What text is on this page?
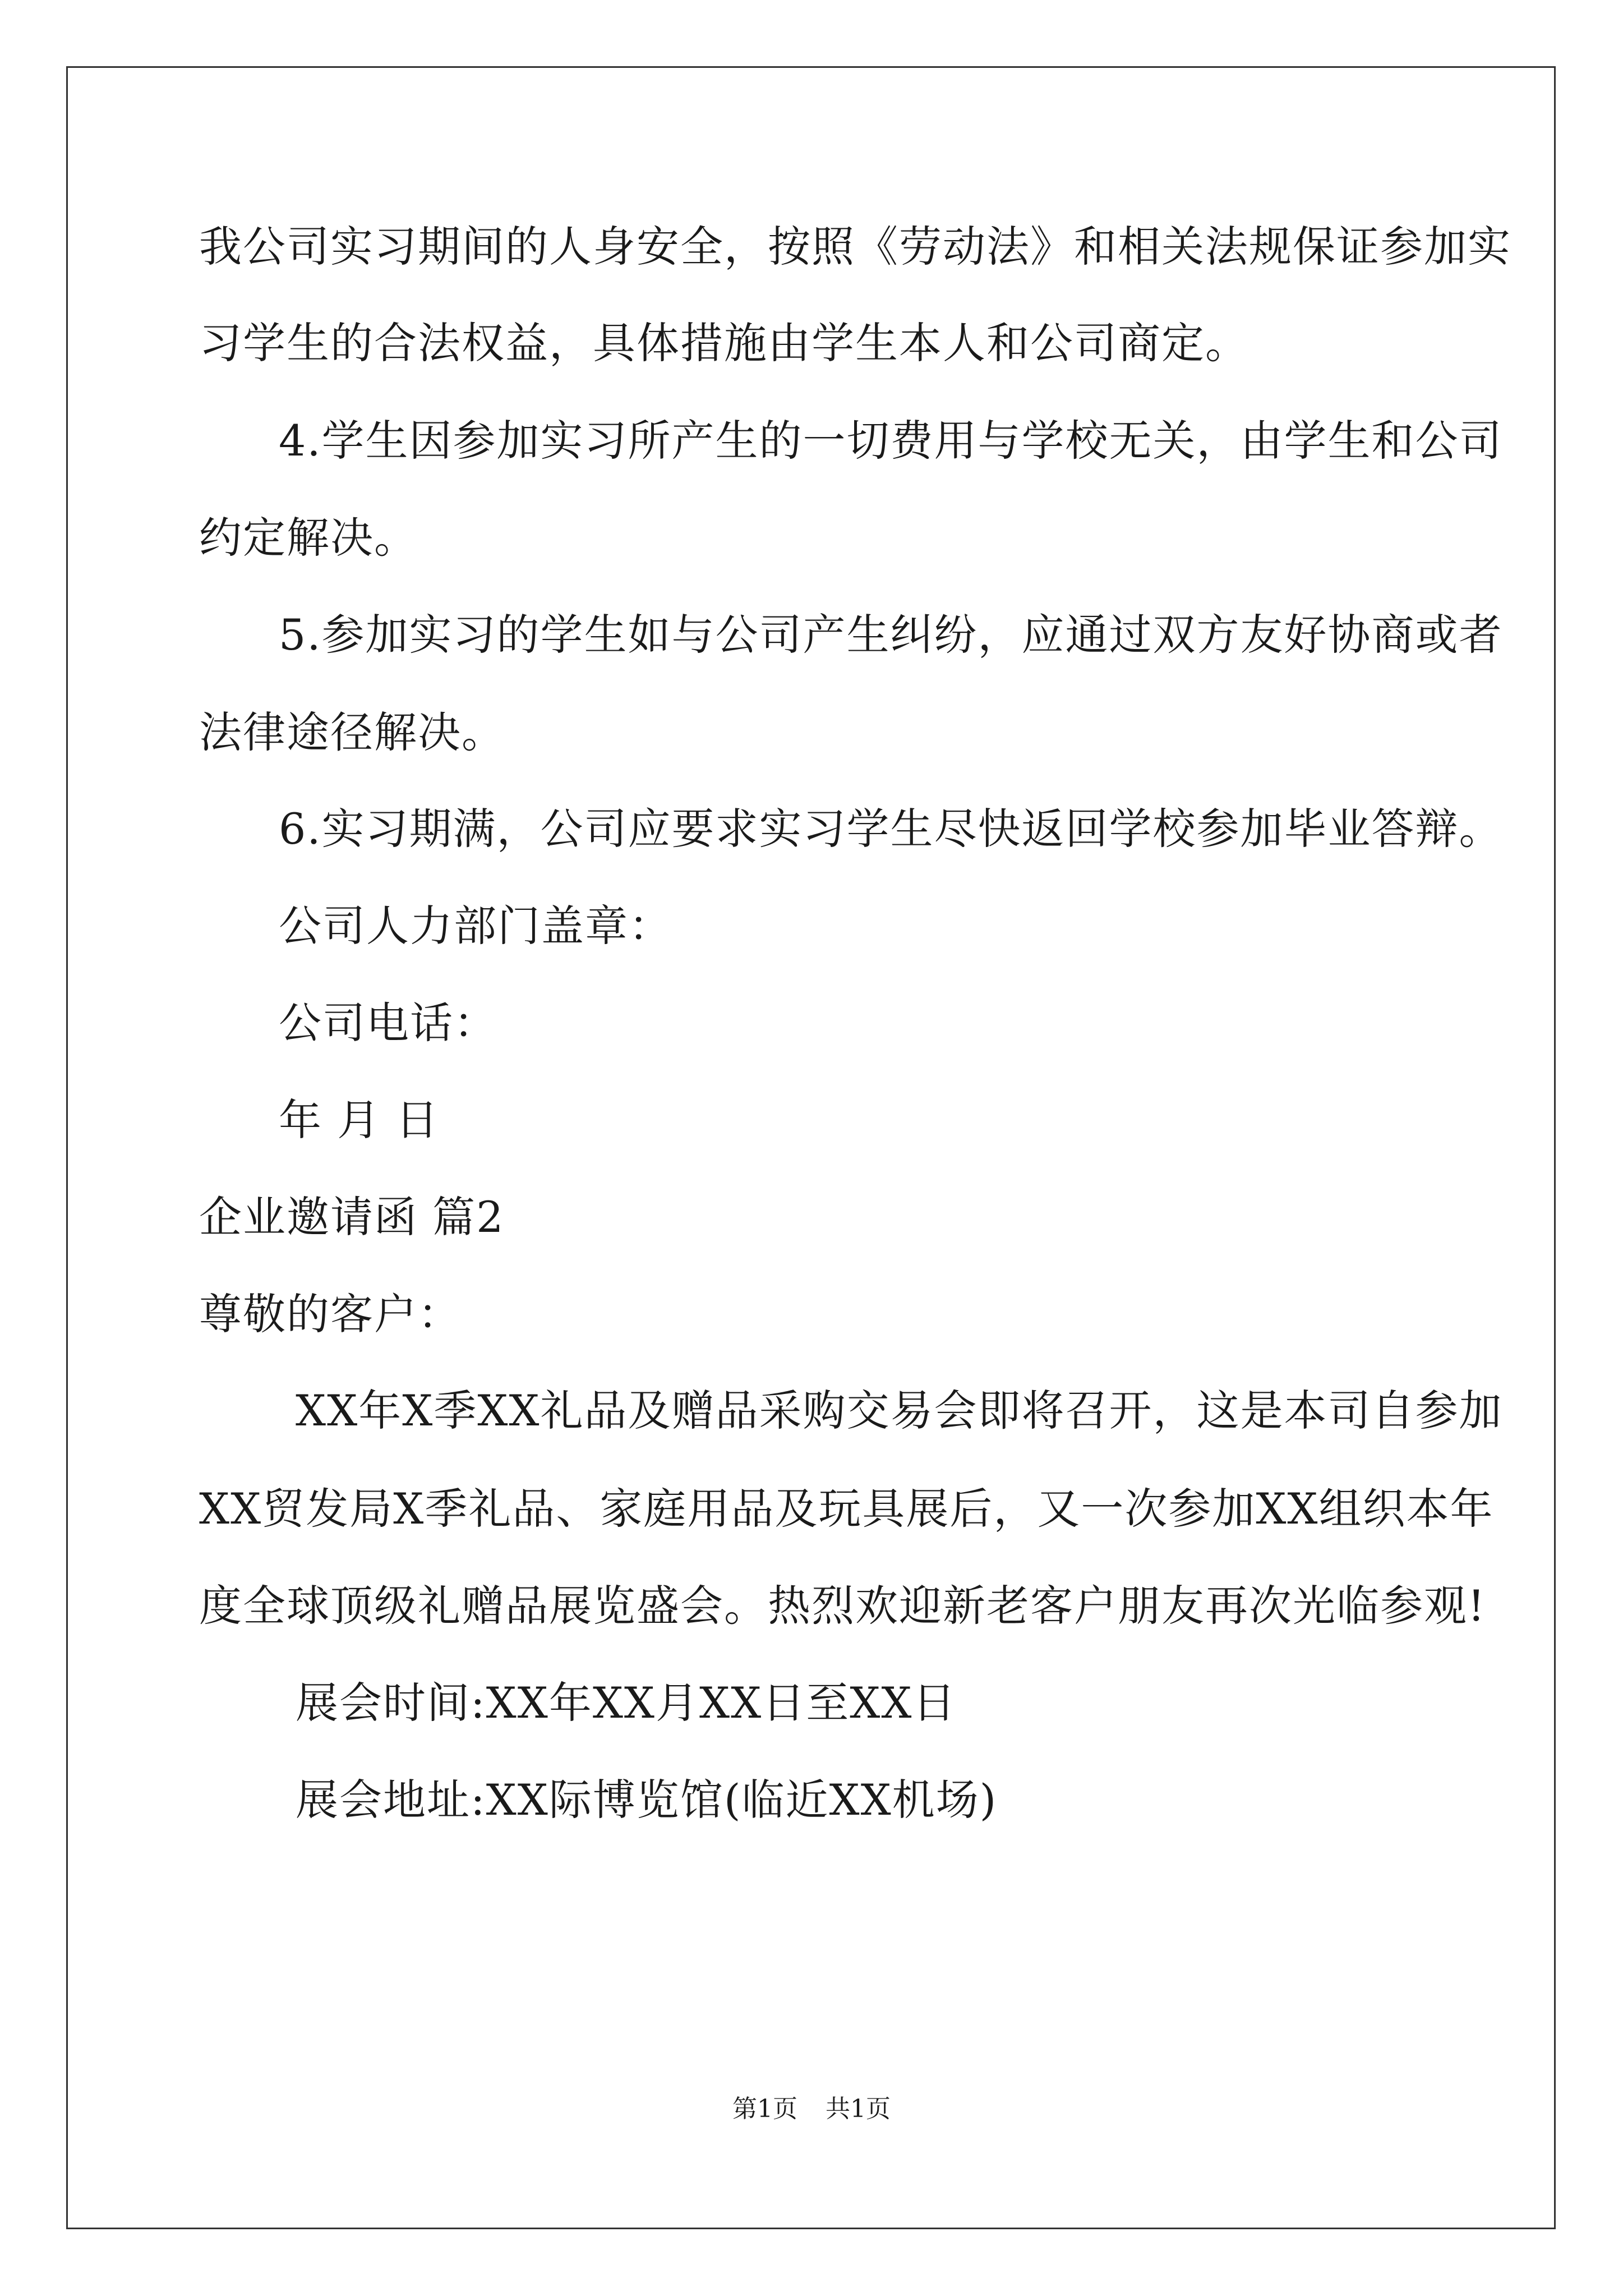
我公司实习期间的人身安全，按照《劳动法》和相关法规保证参加实
习学生的合法权益，具体措施由学生本人和公司商定。
4.学生因参加实习所产生的一切费用与学校无关，由学生和公司
约定解决。
5.参加实习的学生如与公司产生纠纷，应通过双方友好协商或者
法律途径解决。
6.实习期满，公司应要求实习学生尽快返回学校参加毕业答辩。
公司人力部门盖章：
公司电话：
年 月 日
企业邀请函 篇2
尊敬的客户：
XX年X季XX礼品及赠品采购交易会即将召开，这是本司自参加
XX贸发局X季礼品、家庭用品及玩具展后，又一次参加XX组织本年
度全球顶级礼赠品展览盛会。热烈欢迎新老客户朋友再次光临参观!
展会时间:XX年XX月XX日至XX日
展会地址:XX际博览馆(临近XX机场)
第1页 共1页
